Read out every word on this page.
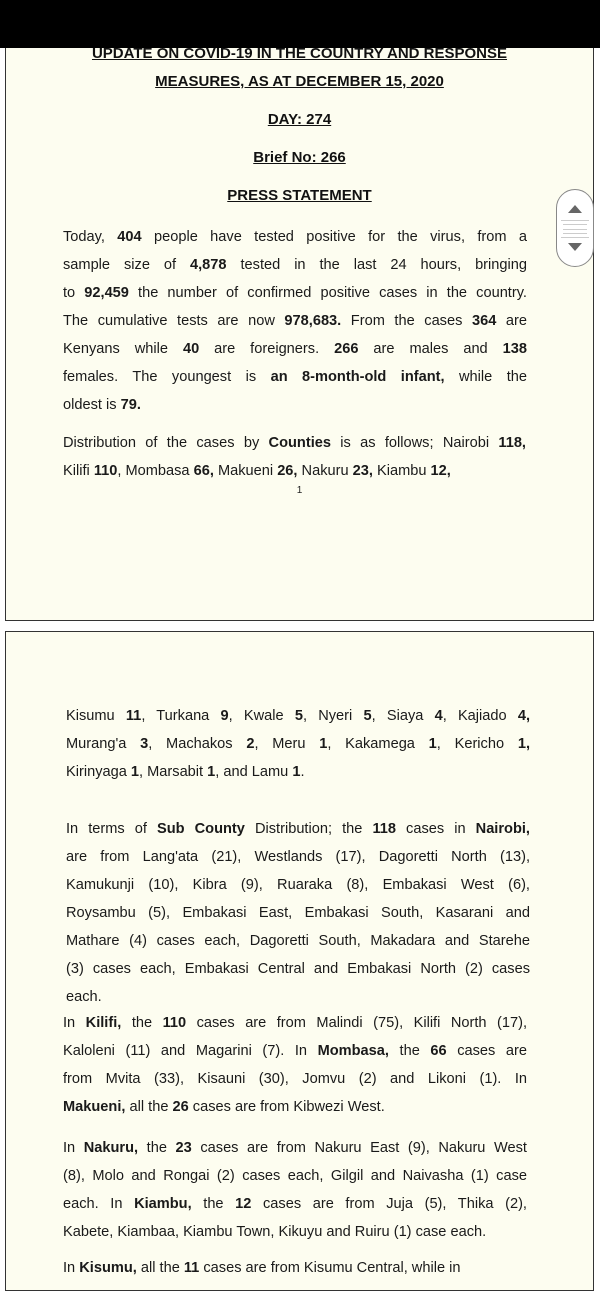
UPDATE ON COVID-19 IN THE COUNTRY AND RESPONSE
MEASURES, AS AT DECEMBER 15, 2020
DAY: 274
Brief No: 266
PRESS STATEMENT
Today, 404 people have tested positive for the virus, from a
sample size of 4,878 tested in the last 24 hours, bringing
to 92,459 the number of confirmed positive cases in the country.
The cumulative tests are now 978,683. From the cases 364 are
Kenyans while 40 are foreigners. 266 are males and 138
females. The youngest is an 8-month-old infant, while the
oldest is 79.
Distribution of the cases by Counties is as follows; Nairobi 118,
Kilifi 110, Mombasa 66, Makueni 26, Nakuru 23, Kiambu 12,
1
Kisumu 11, Turkana 9, Kwale 5, Nyeri 5, Siaya 4, Kajiado 4,
Murang'a 3, Machakos 2, Meru 1, Kakamega 1, Kericho 1,
Kirinyaga 1, Marsabit 1, and Lamu 1.
In terms of Sub County Distribution; the 118 cases in Nairobi,
are from Lang'ata (21), Westlands (17), Dagoretti North (13),
Kamukunji (10), Kibra (9), Ruaraka (8), Embakasi West (6),
Roysambu (5), Embakasi East, Embakasi South, Kasarani and
Mathare (4) cases each, Dagoretti South, Makadara and Starehe
(3) cases each, Embakasi Central and Embakasi North (2) cases
each.
In Kilifi, the 110 cases are from Malindi (75), Kilifi North (17),
Kaloleni (11) and Magarini (7). In Mombasa, the 66 cases are
from Mvita (33), Kisauni (30), Jomvu (2) and Likoni (1). In
Makueni, all the 26 cases are from Kibwezi West.
In Nakuru, the 23 cases are from Nakuru East (9), Nakuru West
(8), Molo and Rongai (2) cases each, Gilgil and Naivasha (1) case
each. In Kiambu, the 12 cases are from Juja (5), Thika (2),
Kabete, Kiambaa, Kiambu Town, Kikuyu and Ruiru (1) case each.
In Kisumu, all the 11 cases are from Kisumu Central, while in
